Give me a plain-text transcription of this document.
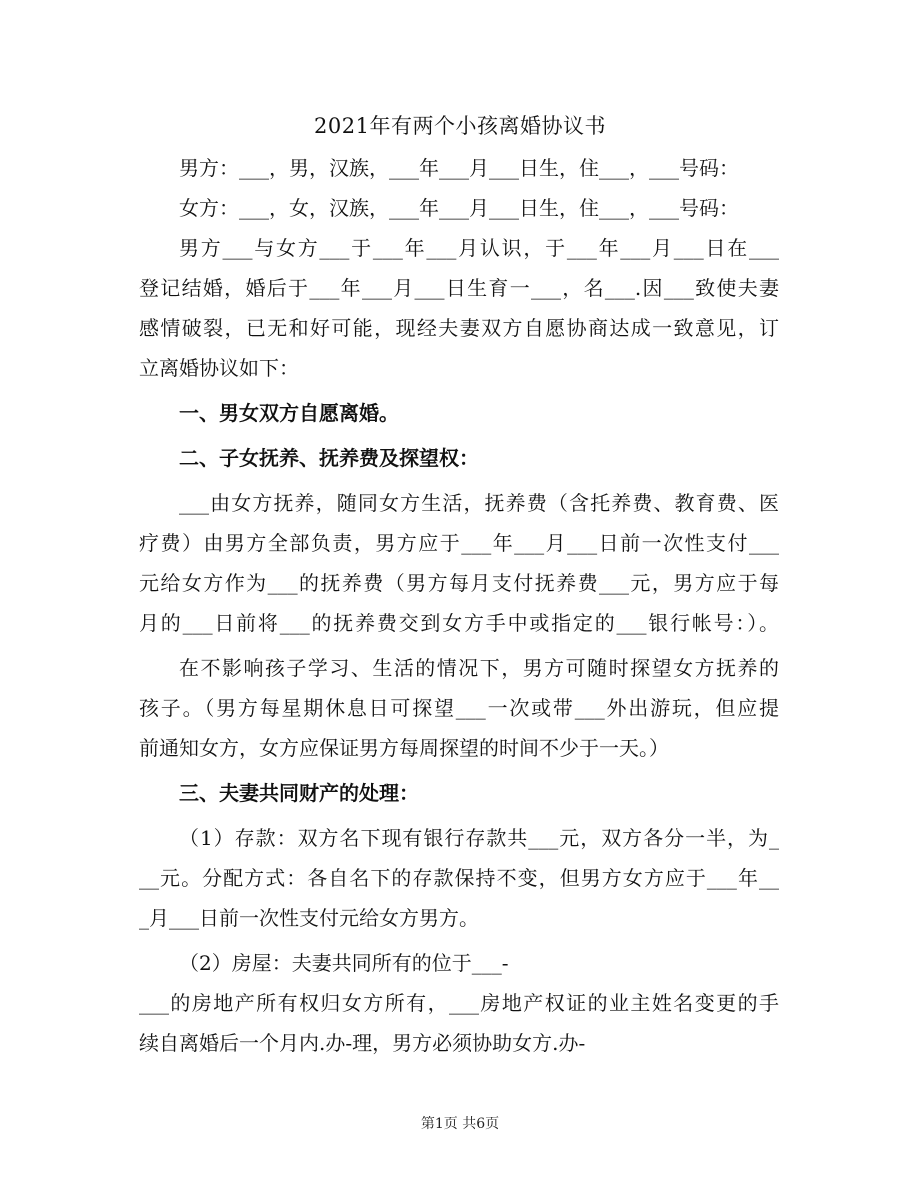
2021年有两个小孩离婚协议书
男方：___，男，汉族，___年___月___日生，住___，___号码：
女方：___，女，汉族，___年___月___日生，住___，___号码：
男方___与女方___于___年___月认识，于___年___月___日在___
登记结婚，婚后于___年___月___日生育一___，名___.因___致使夫妻
感情破裂，已无和好可能，现经夫妻双方自愿协商达成一致意见，订
立离婚协议如下：
一、男女双方自愿离婚。
二、子女抚养、抚养费及探望权：
___由女方抚养，随同女方生活，抚养费（含托养费、教育费、医
疗费）由男方全部负责，男方应于___年___月___日前一次性支付___
元给女方作为___的抚养费（男方每月支付抚养费___元，男方应于每
月的___日前将___的抚养费交到女方手中或指定的___银行帐号：）。
在不影响孩子学习、生活的情况下，男方可随时探望女方抚养的
孩子。（男方每星期休息日可探望___一次或带___外出游玩，但应提
前通知女方，女方应保证男方每周探望的时间不少于一天。）
三、夫妻共同财产的处理：
（1）存款：双方名下现有银行存款共___元，双方各分一半，为_
__元。分配方式：各自名下的存款保持不变，但男方女方应于___年__
_月___日前一次性支付元给女方男方。
（2）房屋：夫妻共同所有的位于___-
___的房地产所有权归女方所有，___房地产权证的业主姓名变更的手
续自离婚后一个月内.办-理，男方必须协助女方.办-
第1页 共6页
